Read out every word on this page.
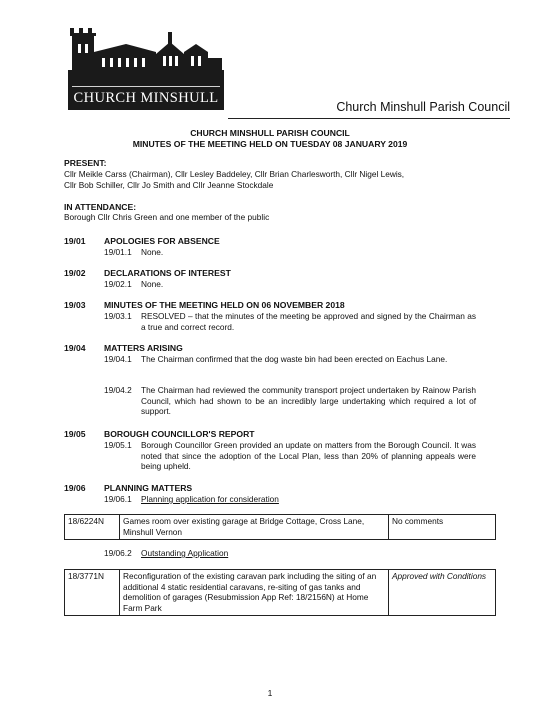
CHURCH MINSHULL
Church Minshull Parish Council
CHURCH MINSHULL PARISH COUNCIL
MINUTES OF THE MEETING HELD ON TUESDAY 08 JANUARY 2019
PRESENT:
Cllr Meikle Carss (Chairman), Cllr Lesley Baddeley, Cllr Brian Charlesworth, Cllr Nigel Lewis,
Cllr Bob Schiller, Cllr Jo Smith and Cllr Jeanne Stockdale
IN ATTENDANCE:
Borough Cllr Chris Green and one member of the public
19/01 APOLOGIES FOR ABSENCE
19/01.1 None.
19/02 DECLARATIONS OF INTEREST
19/02.1 None.
19/03 MINUTES OF THE MEETING HELD ON 06 NOVEMBER 2018
19/03.1 RESOLVED – that the minutes of the meeting be approved and signed by the Chairman as a true and correct record.
19/04 MATTERS ARISING
19/04.1 The Chairman confirmed that the dog waste bin had been erected on Eachus Lane.
19/04.2 The Chairman had reviewed the community transport project undertaken by Rainow Parish Council, which had shown to be an incredibly large undertaking which required a lot of support.
19/05 BOROUGH COUNCILLOR'S REPORT
19/05.1 Borough Councillor Green provided an update on matters from the Borough Council. It was noted that since the adoption of the Local Plan, less than 20% of planning appeals were being upheld.
19/06 PLANNING MATTERS
19/06.1 Planning application for consideration
18/6224N	Games room over existing garage at Bridge Cottage, Cross Lane, Minshull Vernon	No comments
19/06.2 Outstanding Application
18/3771N	Reconfiguration of the existing caravan park including the siting of an additional 4 static residential caravans, re-siting of gas tanks and demolition of garages (Resubmission App Ref: 18/2156N) at Home Farm Park	Approved with Conditions
1
